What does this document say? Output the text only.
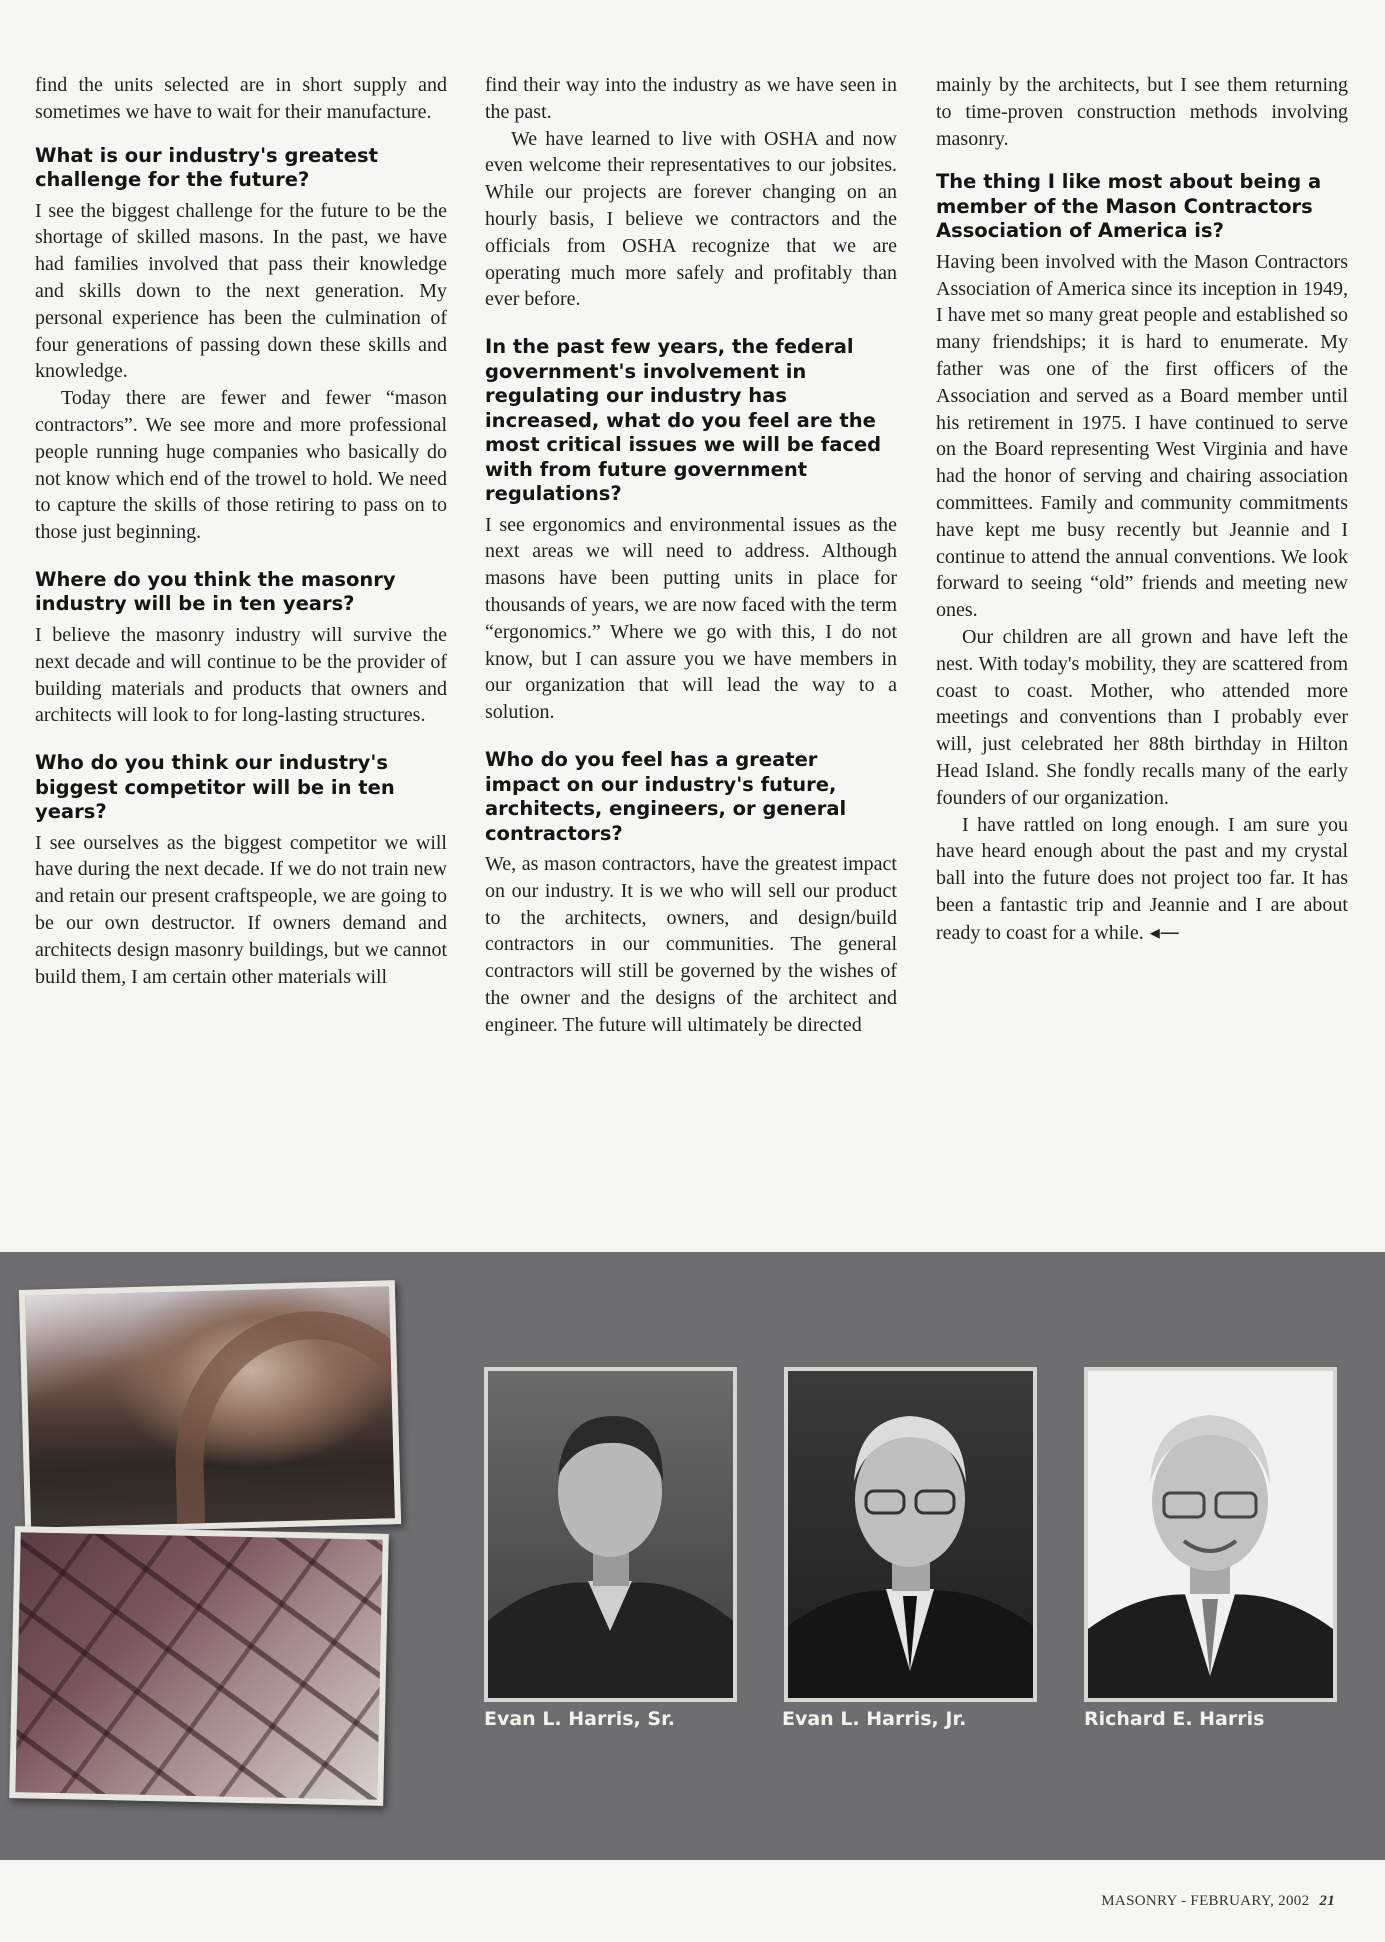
find the units selected are in short supply and sometimes we have to wait for their manufacture.

What is our industry's greatest challenge for the future?

I see the biggest challenge for the future to be the shortage of skilled masons. In the past, we have had families involved that pass their knowledge and skills down to the next generation. My personal experience has been the culmination of four generations of passing down these skills and knowledge.

Today there are fewer and fewer “mason contractors”. We see more and more professional people running huge companies who basically do not know which end of the trowel to hold. We need to capture the skills of those retiring to pass on to those just beginning.

Where do you think the masonry industry will be in ten years?

I believe the masonry industry will survive the next decade and will continue to be the provider of building materials and products that owners and architects will look to for long-lasting structures.

Who do you think our industry's biggest competitor will be in ten years?

I see ourselves as the biggest competitor we will have during the next decade. If we do not train new and retain our present craftspeople, we are going to be our own destructor. If owners demand and architects design masonry buildings, but we cannot build them, I am certain other materials will

find their way into the industry as we have seen in the past.

We have learned to live with OSHA and now even welcome their representatives to our jobsites. While our projects are forever changing on an hourly basis, I believe we contractors and the officials from OSHA recognize that we are operating much more safely and profitably than ever before.

In the past few years, the federal government's involvement in regulating our industry has increased, what do you feel are the most critical issues we will be faced with from future government regulations?

I see ergonomics and environmental issues as the next areas we will need to address. Although masons have been putting units in place for thousands of years, we are now faced with the term “ergonomics.” Where we go with this, I do not know, but I can assure you we have members in our organization that will lead the way to a solution.

Who do you feel has a greater impact on our industry's future, architects, engineers, or general contractors?

We, as mason contractors, have the greatest impact on our industry. It is we who will sell our product to the architects, owners, and design/build contractors in our communities. The general contractors will still be governed by the wishes of the owner and the designs of the architect and engineer. The future will ultimately be directed

mainly by the architects, but I see them returning to time-proven construction methods involving masonry.

The thing I like most about being a member of the Mason Contractors Association of America is?

Having been involved with the Mason Contractors Association of America since its inception in 1949, I have met so many great people and established so many friendships; it is hard to enumerate. My father was one of the first officers of the Association and served as a Board member until his retirement in 1975. I have continued to serve on the Board representing West Virginia and have had the honor of serving and chairing association committees. Family and community commitments have kept me busy recently but Jeannie and I continue to attend the annual conventions. We look forward to seeing “old” friends and meeting new ones.

Our children are all grown and have left the nest. With today's mobility, they are scattered from coast to coast. Mother, who attended more meetings and conventions than I probably ever will, just celebrated her 88th birthday in Hilton Head Island. She fondly recalls many of the early founders of our organization.

I have rattled on long enough. I am sure you have heard enough about the past and my crystal ball into the future does not project too far. It has been a fantastic trip and Jeannie and I are about ready to coast for a while. ◂—

Evan L. Harris, Sr.	Evan L. Harris, Jr.	Richard E. Harris
MASONRY - FEBRUARY, 2002 21
